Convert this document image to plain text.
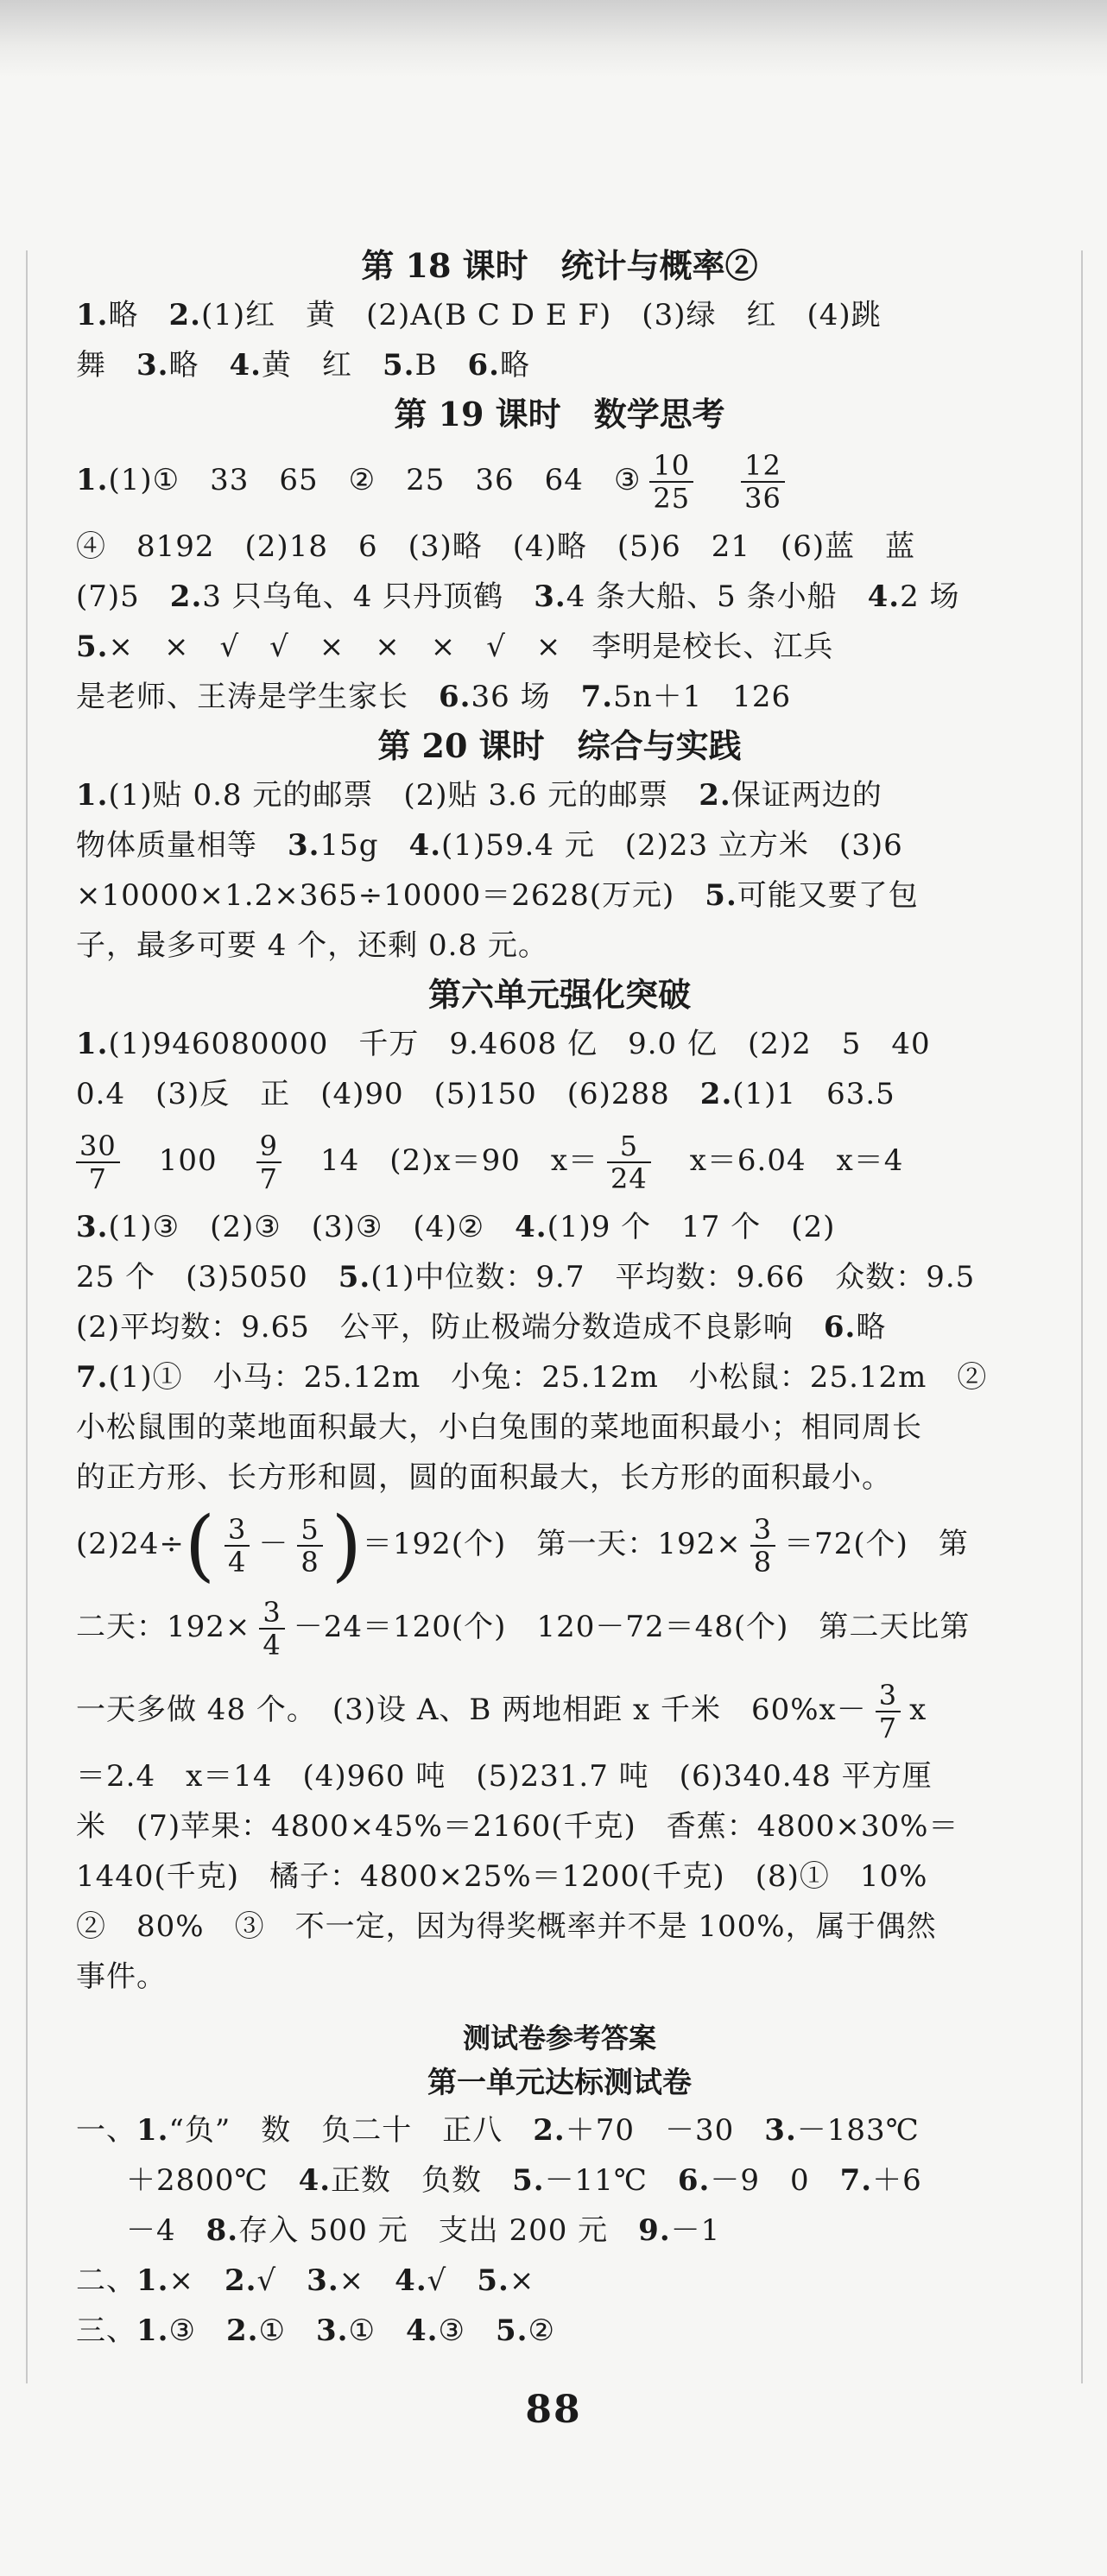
第 18 课时　统计与概率②
1.略　2.(1)红　黄　(2)A(B C D E F)　(3)绿　红　(4)跳
舞　3.略　4.黄　红　5.B　6.略
第 19 课时　数学思考
1.(1)①　33　65　②　25　36　64　③ $\frac{10}{25}$
　 $\frac{12}{36}$
④　8192　(2)18　6　(3)略　(4)略　(5)6　21　(6)蓝　蓝
(7)5　2.3 只乌龟、4 只丹顶鹤　3.4 条大船、5 条小船　4.2 场
5.×　×　√　√　×　×　×　√　×　李明是校长、江兵
是老师、王涛是学生家长　6.36 场　7.5n＋1　126
第 20 课时　综合与实践
1.(1)贴 0.8 元的邮票　(2)贴 3.6 元的邮票　2.保证两边的
物体质量相等　3.15g　4.(1)59.4 元　(2)23 立方米　(3)6
×10000×1.2×365÷10000＝2628(万元)　5.可能又要了包
子，最多可要 4 个，还剩 0.8 元。
第六单元强化突破
1.(1)946080000　千万　9.4608 亿　9.0 亿　(2)2　5　40
0.4　(3)反　正　(4)90　(5)150　(6)288　2.(1)1　63.5
$\frac{30}{7}$
　 100　 $\frac{9}{7}$
　 14　(2)x＝90　$x= \frac{5}{24}$
　 x＝6.04　x＝4
3.(1)③　(2)③　(3)③　(4)②　4.(1)9 个　17 个　(2)
25 个　(3)5050　5.(1)中位数：9.7　平均数：9.66　众数：9.5
(2)平均数：9.65　公平，防止极端分数造成不良影响　6.略
7.(1)①　小马：25.12m　小兔：25.12m　小松鼠：25.12m　②
小松鼠围的菜地面积最大，小白兔围的菜地面积最小；相同周长
的正方形、长方形和圆，圆的面积最大，长方形的面积最小。
$(2)24\div( \frac{3}{4} - \frac{5}{8} )=192$(个)　第一天：$192\times \frac{3}{8} =72$(个)　第
二天：$192\times \frac{3}{4} -24=120$(个)　120－72＝48(个)　第二天比第
一天多做 48 个。　(3)设 A、B 两地相距 x 千米　$60\%x- \frac{3}{7}$ x
＝2.4　x＝14　(4)960 吨　(5)231.7 吨　(6)340.48 平方厘
米　(7)苹果：4800×45%＝2160(千克)　香蕉：4800×30%＝
1440(千克)　橘子：4800×25%＝1200(千克)　(8)①　10%
②　80%　③　不一定，因为得奖概率并不是 100%，属于偶然
事件。
测试卷参考答案
第一单元达标测试卷
一、1.“负”　数　负二十　正八　2.＋70　－30　3.－183℃
＋2800℃　4.正数　负数　5.－11℃　6.－9　0　7.＋6
－4　8.存入 500 元　支出 200 元　9.－1
二、1.×　2.√　3.×　4.√　5.×
三、1.③　2.①　3.①　4.③　5.②
88
